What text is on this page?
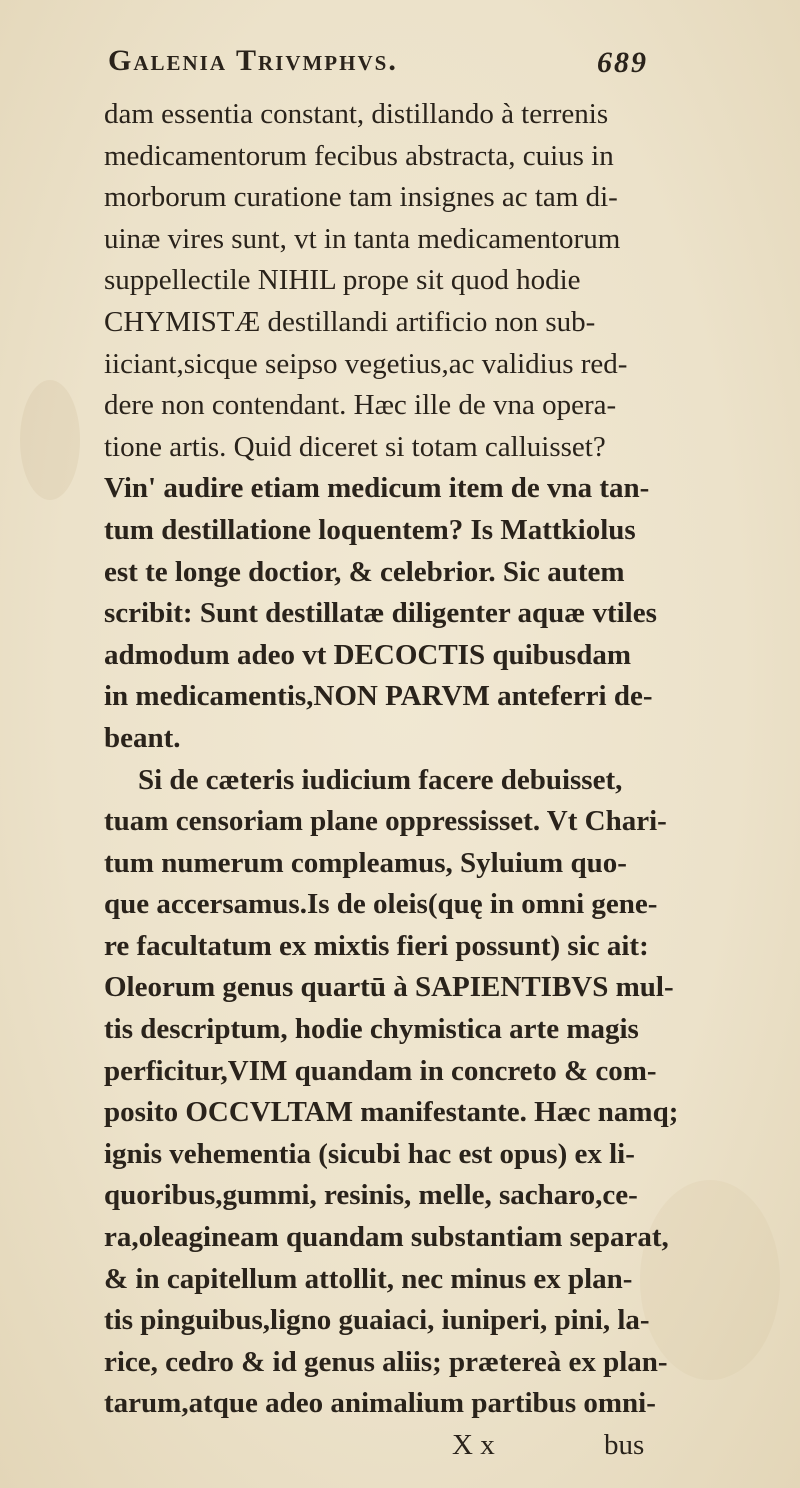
Galenia Trivmphvs.	689
dam essentia constant, distillando à terrenis
medicamentorum fecibus abstracta, cuius in
morborum curatione tam insignes ac tam di-
uinæ vires sunt, vt in tanta medicamentorum
suppellectile NIHIL prope sit quod hodie
CHYMISTÆ destillandi artificio non sub-
iiciant,sicque seipso vegetius,ac validius red-
dere non contendant. Hæc ille de vna opera-
tione artis. Quid diceret si totam calluisset?
Vin' audire etiam medicum item de vna tan-
tum destillatione loquentem? Is Mattkiolus
est te longe doctior, & celebrior. Sic autem
scribit: Sunt destillatæ diligenter aquæ vtiles
admodum adeo vt DECOCTIS quibusdam
in medicamentis,NON PARVM anteferri de-
beant.
Si de cæteris iudicium facere debuisset,
tuam censoriam plane oppressisset. Vt Chari-
tum numerum compleamus, Syluium quo-
que accersamus.Is de oleis(quę in omni gene-
re facultatum ex mixtis fieri possunt) sic ait:
Oleorum genus quartū à SAPIENTIBVS mul-
tis descriptum, hodie chymistica arte magis
perficitur,VIM quandam in concreto & com-
posito OCCVLTAM manifestante. Hæc namq;
ignis vehementia (sicubi hac est opus) ex li-
quoribus,gummi, resinis, melle, sacharo,ce-
ra,oleagineam quandam substantiam separat,
& in capitellum attollit, nec minus ex plan-
tis pinguibus,ligno guaiaci, iuniperi, pini, la-
rice, cedro & id genus aliis; prætereà ex plan-
tarum,atque adeo animalium partibus omni-
X x	bus
